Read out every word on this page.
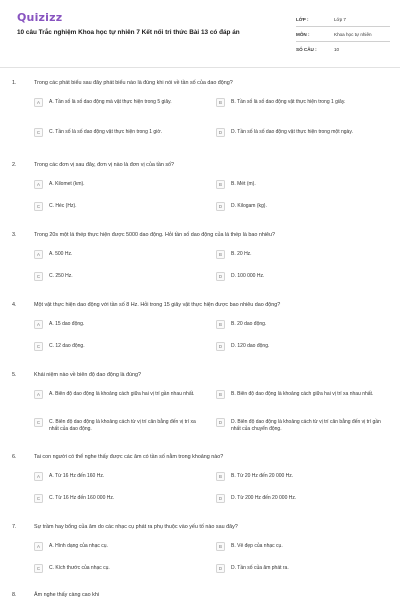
Quizizz
10 câu Trắc nghiệm Khoa học tự nhiên 7 Kết nối tri thức Bài 13 có đáp án
LỚP :	Lớp 7
MÔN :	Khoa học tự nhiên
SỐ CÂU :	10
1.	Trong các phát biểu sau đây phát biểu nào là đúng khi nói về tần số của dao động?
A	A. Tần số là số dao động mà vật thực hiện trong 5 giây.	B	B. Tần số là số dao động vật thực hiện trong 1 giây.
C	C. Tần số là số dao động vật thực hiện trong 1 giờ.	D	D. Tần số là số dao động vật thực hiện trong một ngày.
2.	Trong các đơn vị sau đây, đơn vị nào là đơn vị của tần số?
A	A. Kilomet (km).	B	B. Mét (m).
C	C. Héc (Hz).	D	D. Kilogam (kg).
3.	Trong 20s một lá thép thực hiện được 5000 dao động. Hỏi tần số dao động của lá thép là bao nhiêu?
A	A. 500 Hz.	B	B. 20 Hz.
C	C. 250 Hz.	D	D. 100 000 Hz.
4.	Một vật thực hiện dao động với tần số 8 Hz. Hỏi trong 15 giây vật thực hiện được bao nhiêu dao động?
A	A. 15 dao động.	B	B. 20 dao động.
C	C. 12 dao động.	D	D. 120 dao động.
5.	Khái niệm nào về biên độ dao động là đúng?
A	A. Biên độ dao động là khoảng cách giữa hai vị trí gần nhau nhất.	B	B. Biên độ dao động là khoảng cách giữa hai vị trí xa nhau nhất.
C	C. Biên độ dao động là khoảng cách từ vị trí cân bằng đến vị trí xa nhất của dao động.
D	D. Biên độ dao động là khoảng cách từ vị trí cân bằng đến vị trí gần nhất của chuyển động.
6.	Tai con người có thể nghe thấy được các âm có tần số nằm trong khoảng nào?
A	A. Từ 16 Hz đến 160 Hz.	B	B. Từ 20 Hz đến 20 000 Hz.
C	C. Từ 16 Hz đến 160 000 Hz.	D	D. Từ 200 Hz đến 20 000 Hz.
7.	Sự trầm hay bổng của âm do các nhạc cụ phát ra phụ thuộc vào yếu tố nào sau đây?
A	A. Hình dạng của nhạc cụ.	B	B. Vẻ đẹp của nhạc cụ.
C	C. Kích thước của nhạc cụ.	D	D. Tần số của âm phát ra.
8.	Âm nghe thấy càng cao khi
